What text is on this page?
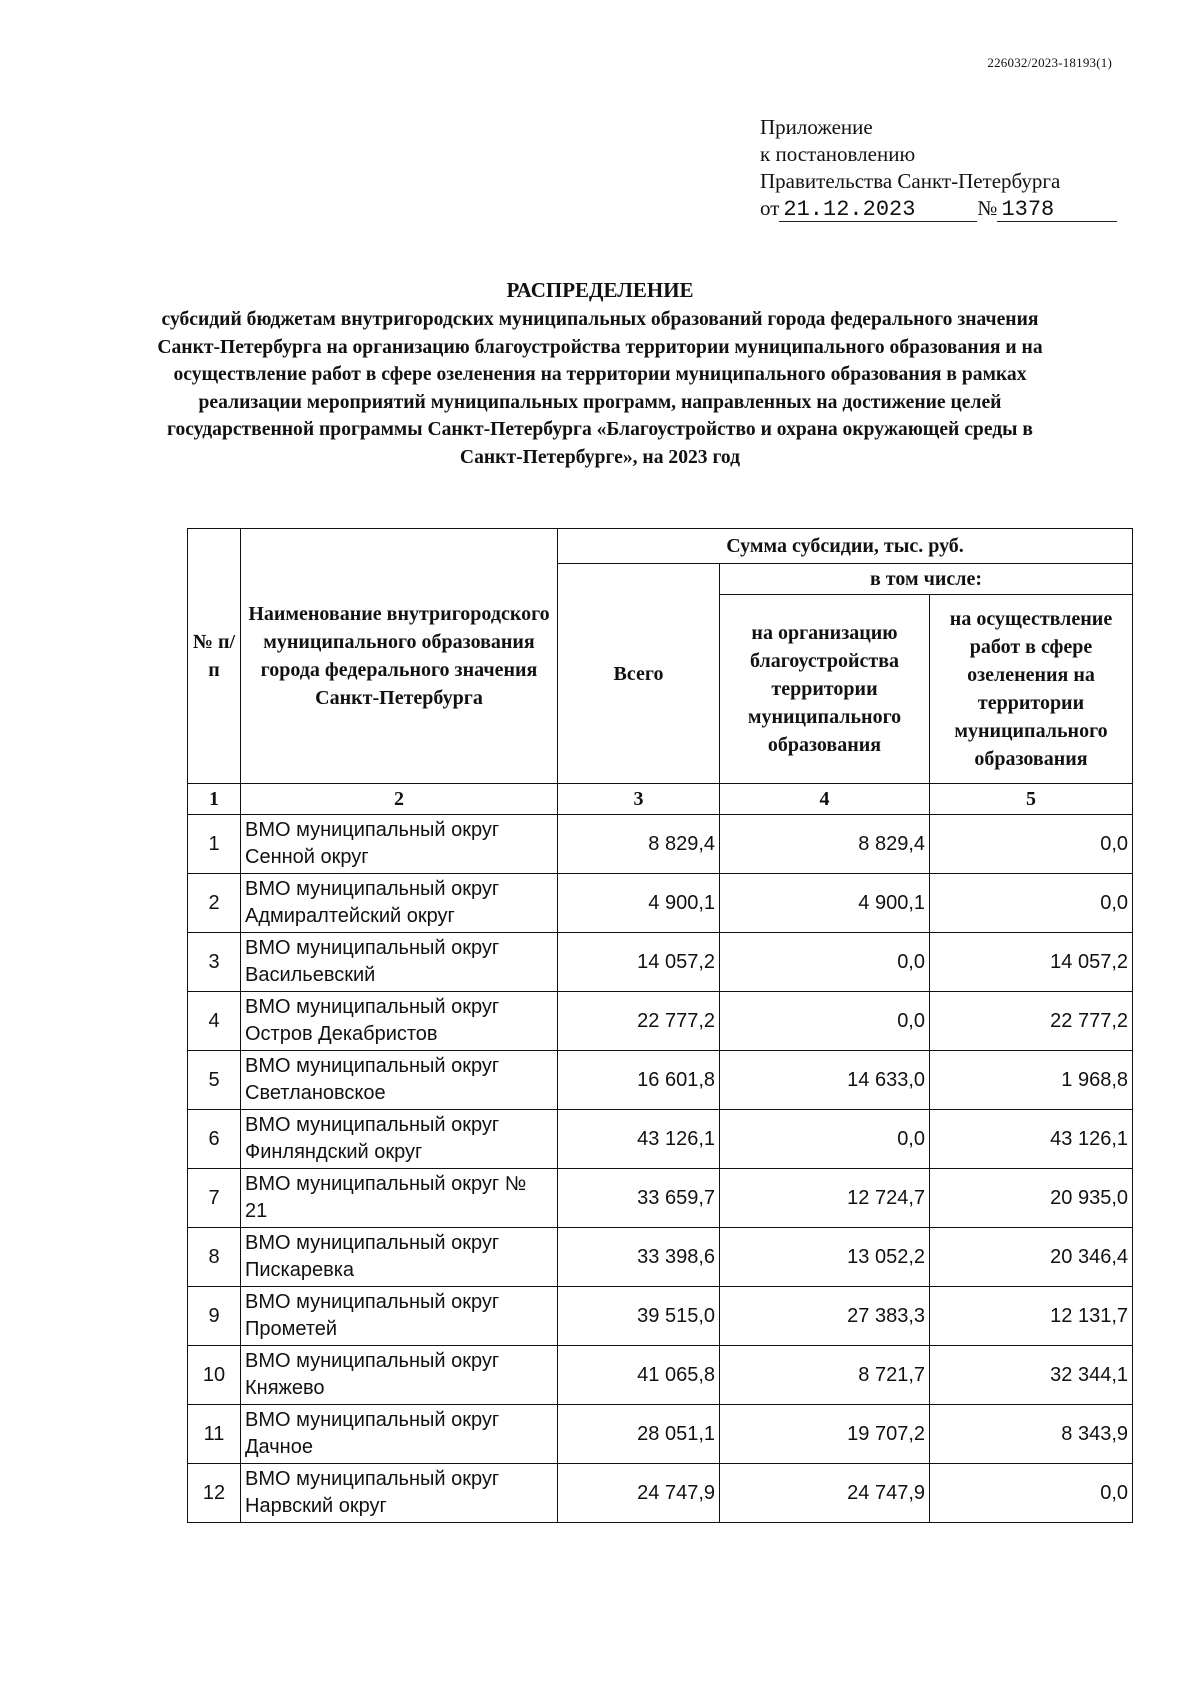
226032/2023-18193(1)
Приложение
к постановлению
Правительства Санкт-Петербурга
от 21.12.2023	№ 1378
РАСПРЕДЕЛЕНИЕ
субсидий бюджетам внутригородских муниципальных образований города федерального значения Санкт-Петербурга на организацию благоустройства территории муниципального образования и на осуществление работ в сфере озеленения на территории муниципального образования в рамках реализации мероприятий муниципальных программ, направленных на достижение целей государственной программы Санкт-Петербурга «Благоустройство и охрана окружающей среды в Санкт-Петербурге», на 2023 год
№ п/п	Наименование внутригородского муниципального образования города федерального значения Санкт-Петербурга	Сумма субсидии, тыс. руб.		
		Всего	в том числе:	
			на организацию благоустройства территории муниципального образования	на осуществление работ в сфере озеленения на территории муниципального образования
1	2	3	4	5
1	ВМО муниципальный округ Сенной округ	8 829,4	8 829,4	0,0
2	ВМО муниципальный округ Адмиралтейский округ	4 900,1	4 900,1	0,0
3	ВМО муниципальный округ Васильевский	14 057,2	0,0	14 057,2
4	ВМО муниципальный округ Остров Декабристов	22 777,2	0,0	22 777,2
5	ВМО муниципальный округ Светлановское	16 601,8	14 633,0	1 968,8
6	ВМО муниципальный округ Финляндский округ	43 126,1	0,0	43 126,1
7	ВМО муниципальный округ № 21	33 659,7	12 724,7	20 935,0
8	ВМО муниципальный округ Пискаревка	33 398,6	13 052,2	20 346,4
9	ВМО муниципальный округ Прометей	39 515,0	27 383,3	12 131,7
10	ВМО муниципальный округ Княжево	41 065,8	8 721,7	32 344,1
11	ВМО муниципальный округ Дачное	28 051,1	19 707,2	8 343,9
12	ВМО муниципальный округ Нарвский округ	24 747,9	24 747,9	0,0
